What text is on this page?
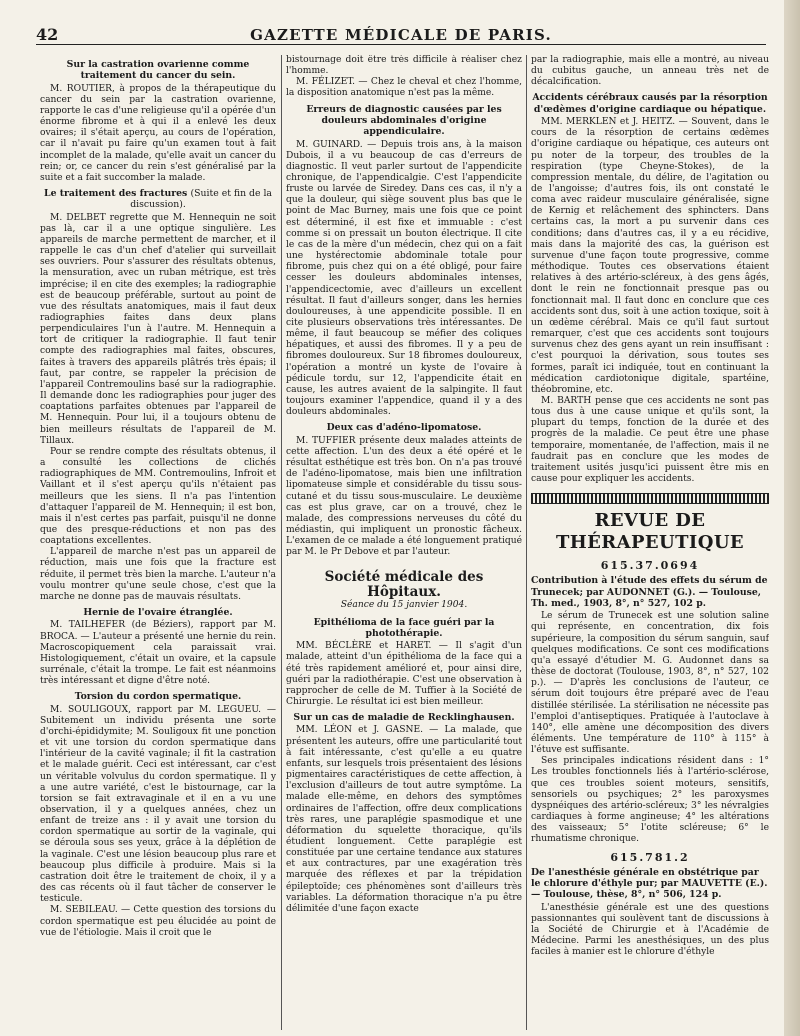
42	GAZETTE MÉDICALE DE PARIS.
Sur la castration ovarienne comme traitement du cancer du sein.

M. ROUTIER, à propos de la thérapeutique du cancer du sein par la castration ovarienne, rapporte le cas d'une religieuse qu'il a opérée d'un énorme fibrome et à qui il a enlevé les deux ovaires; il s'était aperçu, au cours de l'opération, car il n'avait pu faire qu'un examen tout à fait incomplet de la malade, qu'elle avait un cancer du rein; or, ce cancer du rein s'est généralisé par la suite et a fait succomber la malade.

Le traitement des fractures (Suite et fin de la discussion).

M. DELBET regrette que M. Hennequin ne soit pas là, car il a une optique singulière. Les appareils de marche permettent de marcher, et il rappelle le cas d'un chef d'atelier qui surveillait ses ouvriers. Pour s'assurer des résultats obtenus, la mensuration, avec un ruban métrique, est très imprécise; il en cite des exemples; la radiographie est de beaucoup préférable, surtout au point de vue des résultats anatomiques, mais il faut deux radiographies faites dans deux plans perpendiculaires l'un à l'autre. M. Hennequin a tort de critiquer la radiographie. Il faut tenir compte des radiographies mal faites, obscures, faites à travers des appareils plâtrés très épais; il faut, par contre, se rappeler la précision de l'appareil Contremoulins basé sur la radiographie. Il demande donc les radiographies pour juger des coaptations parfaites obtenues par l'appareil de M. Hennequin. Pour lui, il a toujours obtenu de bien meilleurs résultats de l'appareil de M. Tillaux.

Pour se rendre compte des résultats obtenus, il a consulté les collections de clichés radiographiques de MM. Contremoulins, Infroit et Vaillant et il s'est aperçu qu'ils n'étaient pas meilleurs que les siens. Il n'a pas l'intention d'attaquer l'appareil de M. Hennequin; il est bon, mais il n'est certes pas parfait, puisqu'il ne donne que des presque-réductions et non pas des coaptations excellentes.

L'appareil de marche n'est pas un appareil de réduction, mais une fois que la fracture est réduite, il permet très bien la marche. L'auteur n'a voulu montrer qu'une seule chose, c'est que la marche ne donne pas de mauvais résultats.

Hernie de l'ovaire étranglée.

M. TAILHEFER (de Béziers), rapport par M. BROCA. — L'auteur a présenté une hernie du rein. Macroscopiquement cela paraissait vrai. Histologiquement, c'était un ovaire, et la capsule surrénale, c'était la trompe. Le fait est néanmoins très intéressant et digne d'être noté.

Torsion du cordon spermatique.

M. SOULIGOUX, rapport par M. LEGUEU. — Subitement un individu présenta une sorte d'orchi-épididymite; M. Souligoux fit une ponction et vit une torsion du cordon spermatique dans l'intérieur de la cavité vaginale; il fit la castration et le malade guérit. Ceci est intéressant, car c'est un véritable volvulus du cordon spermatique. Il y a une autre variété, c'est le bistournage, car la torsion se fait extravaginale et il en a vu une observation, il y a quelques années, chez un enfant de treize ans : il y avait une torsion du cordon spermatique au sortir de la vaginale, qui se déroula sous ses yeux, grâce à la déplétion de la vaginale. C'est une lésion beaucoup plus rare et beaucoup plus difficile à produire. Mais si la castration doit être le traitement de choix, il y a des cas récents où il faut tâcher de conserver le testicule.

M. SEBILEAU. — Cette question des torsions du cordon spermatique est peu élucidée au point de vue de l'étiologie. Mais il croit que le

bistournage doit être très difficile à réaliser chez l'homme.

M. FÉLIZET. — Chez le cheval et chez l'homme, la disposition anatomique n'est pas la même.

Erreurs de diagnostic causées par les douleurs abdominales d'origine appendiculaire.

M. GUINARD. — Depuis trois ans, à la maison Dubois, il a vu beaucoup de cas d'erreurs de diagnostic. Il veut parler surtout de l'appendicite chronique, de l'appendicalgie. C'est l'appendicite fruste ou larvée de Siredey. Dans ces cas, il n'y a que la douleur, qui siège souvent plus bas que le point de Mac Burney, mais une fois que ce point est déterminé, il est fixe et immuable : c'est comme si on pressait un bouton électrique. Il cite le cas de la mère d'un médecin, chez qui on a fait une hystérectomie abdominale totale pour fibrome, puis chez qui on a été obligé, pour faire cesser les douleurs abdominales intenses, l'appendicectomie, avec d'ailleurs un excellent résultat. Il faut d'ailleurs songer, dans les hernies douloureuses, à une appendicite possible. Il en cite plusieurs observations très intéressantes. De même, il faut beaucoup se méfier des coliques hépatiques, et aussi des fibromes. Il y a peu de fibromes douloureux. Sur 18 fibromes douloureux, l'opération a montré un kyste de l'ovaire à pédicule tordu, sur 12, l'appendicite était en cause, les autres avaient de la salpingite. Il faut toujours examiner l'appendice, quand il y a des douleurs abdominales.

Deux cas d'adéno-lipomatose.

M. TUFFIER présente deux malades atteints de cette affection. L'un des deux a été opéré et le résultat esthétique est très bon. On n'a pas trouvé de l'adéno-lipomatose, mais bien une infiltration lipomateuse simple et considérable du tissu sous-cutané et du tissu sous-musculaire. Le deuxième cas est plus grave, car on a trouvé, chez le malade, des compressions nerveuses du côté du médiastin, qui impliquent un pronostic fâcheux. L'examen de ce malade a été longuement pratiqué par M. le Pr Debove et par l'auteur.

Société médicale des Hôpitaux.
Séance du 15 janvier 1904.
Epithélioma de la face guéri par la photothérapie.

MM. BÉCLÈRE et HARET. — Il s'agit d'un malade, atteint d'un épithélioma de la face qui a été très rapidement amélioré et, pour ainsi dire, guéri par la radiothérapie. C'est une observation à rapprocher de celle de M. Tuffier à la Société de Chirurgie. Le résultat ici est bien meilleur.

Sur un cas de maladie de Recklinghausen.

MM. LÉON et J. GASNE. — La malade, que présentent les auteurs, offre une particularité tout à fait intéressante, c'est qu'elle a eu quatre enfants, sur lesquels trois présentaient des lésions pigmentaires caractéristiques de cette affection, à l'exclusion d'ailleurs de tout autre symptôme. La malade elle-même, en dehors des symptômes ordinaires de l'affection, offre deux complications très rares, une paraplégie spasmodique et une déformation du squelette thoracique, qu'ils étudient longuement. Cette paraplégie est constituée par une certaine tendance aux statures et aux contractures, par une exagération très marquée des réflexes et par la trépidation épileptoïde; ces phénomènes sont d'ailleurs très variables. La déformation thoracique n'a pu être délimitée d'une façon exacte

par la radiographie, mais elle a montré, au niveau du cubitus gauche, un anneau très net de décalcification.

Accidents cérébraux causés par la résorption d'œdèmes d'origine cardiaque ou hépatique.

MM. MERKLEN et J. HEITZ. — Souvent, dans le cours de la résorption de certains œdèmes d'origine cardiaque ou hépatique, ces auteurs ont pu noter de la torpeur, des troubles de la respiration (type Cheyne-Stokes), de la compression mentale, du délire, de l'agitation ou de l'angoisse; d'autres fois, ils ont constaté le coma avec raideur musculaire généralisée, signe de Kernig et relâchement des sphincters. Dans certains cas, la mort a pu survenir dans ces conditions; dans d'autres cas, il y a eu récidive, mais dans la majorité des cas, la guérison est survenue d'une façon toute progressive, comme méthodique. Toutes ces observations étaient relatives à des artério-scléreux, à des gens âgés, dont le rein ne fonctionnait presque pas ou fonctionnait mal. Il faut donc en conclure que ces accidents sont dus, soit à une action toxique, soit à un œdème cérébral. Mais ce qu'il faut surtout remarquer, c'est que ces accidents sont toujours survenus chez des gens ayant un rein insuffisant : c'est pourquoi la dérivation, sous toutes ses formes, paraît ici indiquée, tout en continuant la médication cardiotonique digitale, spartéine, théobromine, etc.

M. BARTH pense que ces accidents ne sont pas tous dus à une cause unique et qu'ils sont, la plupart du temps, fonction de la durée et des progrès de la maladie. Ce peut être une phase temporaire, momentanée, de l'affection, mais il ne faudrait pas en conclure que les modes de traitement usités jusqu'ici puissent être mis en cause pour expliquer les accidents.

REVUE DE THÉRAPEUTIQUE
615.37.0694
Contribution à l'étude des effets du sérum de Trunecek; par AUDONNET (G.). — Toulouse, Th. med., 1903, 8°, n° 527, 102 p.

Le sérum de Trunecek est une solution saline qui représente, en concentration, dix fois supérieure, la composition du sérum sanguin, sauf quelques modifications. Ce sont ces modifications qu'a essayé d'étudier M. G. Audonnet dans sa thèse de doctorat (Toulouse, 1903, 8°, n° 527, 102 p.). — D'après les conclusions de l'auteur, ce sérum doit toujours être préparé avec de l'eau distillée stérilisée. La stérilisation ne nécessite pas l'emploi d'antiseptiques. Pratiquée à l'autoclave à 140°, elle amène une décomposition des divers éléments. Une température de 110° à 115° à l'étuve est suffisante.

Ses principales indications résident dans : 1° Les troubles fonctionnels liés à l'artério-sclérose, que ces troubles soient moteurs, sensitifs, sensoriels ou psychiques; 2° les paroxysmes dyspnéiques des artério-scléreux; 3° les névralgies cardiaques à forme angineuse; 4° les altérations des vaisseaux; 5° l'otite scléreuse; 6° le rhumatisme chronique.

615.781.2
De l'anesthésie générale en obstétrique par le chlorure d'éthyle pur; par MAUVETTE (E.). — Toulouse, thèse, 8°, n° 506, 124 p.

L'anesthésie générale est une des questions passionnantes qui soulèvent tant de discussions à la Société de Chirurgie et à l'Académie de Médecine. Parmi les anesthésiques, un des plus faciles à manier est le chlorure d'éthyle
